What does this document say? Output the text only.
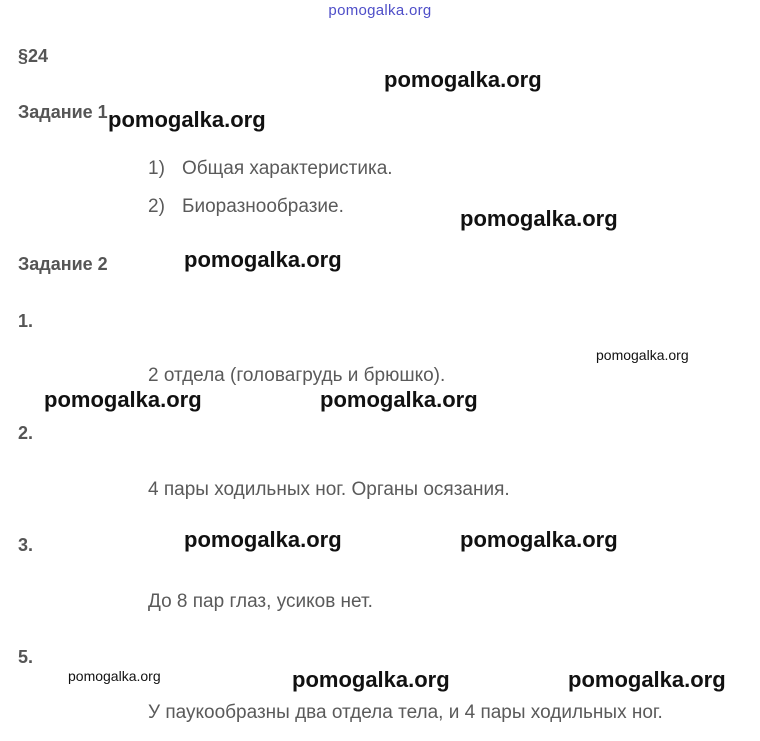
pomogalka.org
§24
Задание 1
1) Общая характеристика.
2) Биоразнообразие.
Задание 2
1.
2 отдела (головагрудь и брюшко).
2.
4 пары ходильных ног. Органы осязания.
3.
До 8 пар глаз, усиков нет.
5.
У паукообразны два отдела тела, и 4 пары ходильных ног.
pomogalka.org
pomogalka.org
pomogalka.org
pomogalka.org
pomogalka.org
pomogalka.org	pomogalka.org
pomogalka.org	pomogalka.org
pomogalka.org	pomogalka.org	pomogalka.org
